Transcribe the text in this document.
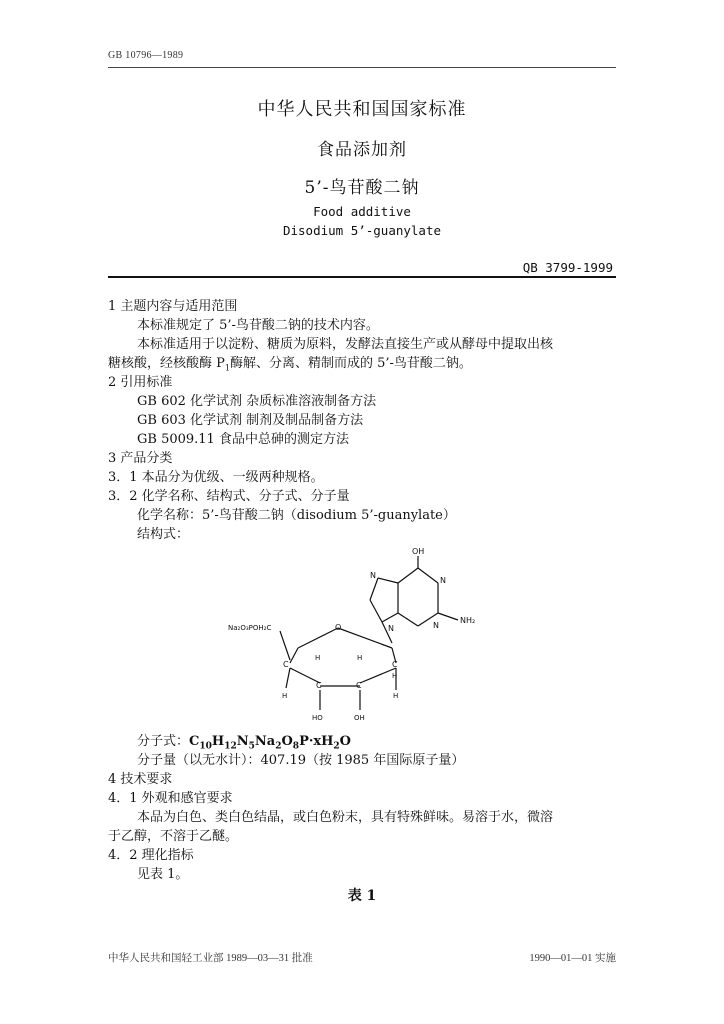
GB 10796—1989
中华人民共和国国家标准
食品添加剂
5’-鸟苷酸二钠
Food additive
Disodium 5’-guanylate
QB 3799-1999
1 主题内容与适用范围
本标准规定了 5’-鸟苷酸二钠的技术内容。
本标准适用于以淀粉、糖质为原料，发酵法直接生产或从酵母中提取出核
糖核酸，经核酸酶 $P_1$酶解、分离、精制而成的 5’-鸟苷酸二钠。
2 引用标准
GB 602 化学试剂 杂质标准溶液制备方法
GB 603 化学试剂 制剂及制品制备方法
GB 5009.11 食品中总砷的测定方法
3 产品分类
3．1 本品分为优级、一级两种规格。
3．2 化学名称、结构式、分子式、分子量
化学名称：5’-鸟苷酸二钠（disodium 5’-guanylate）
结构式：
OH
N
N
N
N
NH₂
Na₂O₃POH₂C	O
C	C
C	C
H	H
H	H
H
HO	OH
分子式：$C_{10}H_{12}N_5Na_2O_8P\cdot xH_2O$
分子量（以无水计）：407.19（按 1985 年国际原子量）
4 技术要求
4．1 外观和感官要求
本品为白色、类白色结晶，或白色粉末，具有特殊鲜味。易溶于水，微溶
于乙醇，不溶于乙醚。
4．2 理化指标
见表 1。
表 1
中华人民共和国轻工业部 1989—03—31 批准	1990—01—01 实施
